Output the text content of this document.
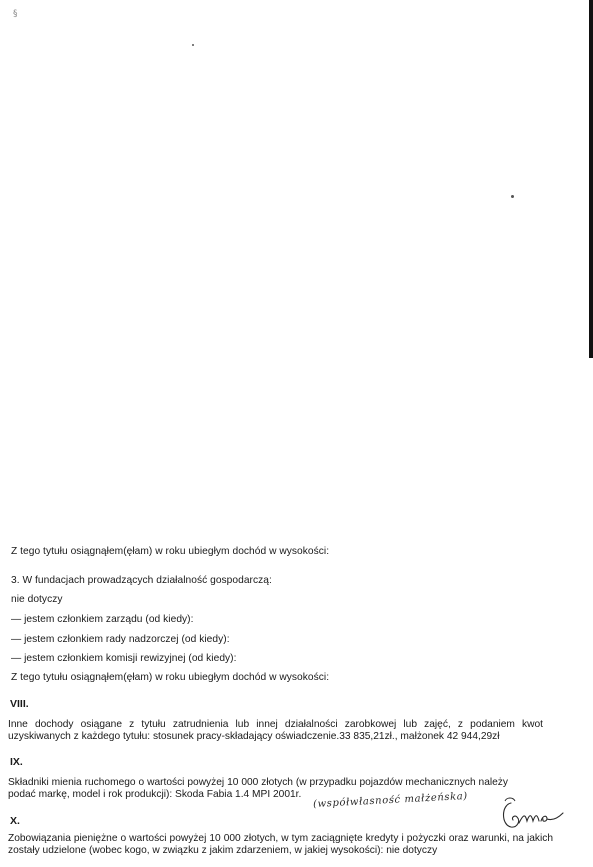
§
Z tego tytułu osiągnąłem(ęłam) w roku ubiegłym dochód w wysokości:
3. W fundacjach prowadzących działalność gospodarczą:
nie dotyczy
— jestem członkiem zarządu (od kiedy):
— jestem członkiem rady nadzorczej (od kiedy):
— jestem członkiem komisji rewizyjnej (od kiedy):
Z tego tytułu osiągnąłem(ęłam) w roku ubiegłym dochód w wysokości:
VIII.
Inne dochody osiągane z tytułu zatrudnienia lub innej działalności zarobkowej lub zajęć, z podaniem kwot uzyskiwanych z każdego tytułu: stosunek pracy-składający oświadczenie.33 835,21zł., małżonek 42 944,29zł
IX.
Składniki mienia ruchomego o wartości powyżej 10 000 złotych (w przypadku pojazdów mechanicznych należy podać markę, model i rok produkcji): Skoda Fabia 1.4 MPI 2001r.	(współwłasność małżeńska)
X.
Zobowiązania pieniężne o wartości powyżej 10 000 złotych, w tym zaciągnięte kredyty i pożyczki oraz warunki, na jakich zostały udzielone (wobec kogo, w związku z jakim zdarzeniem, w jakiej wysokości): nie dotyczy
